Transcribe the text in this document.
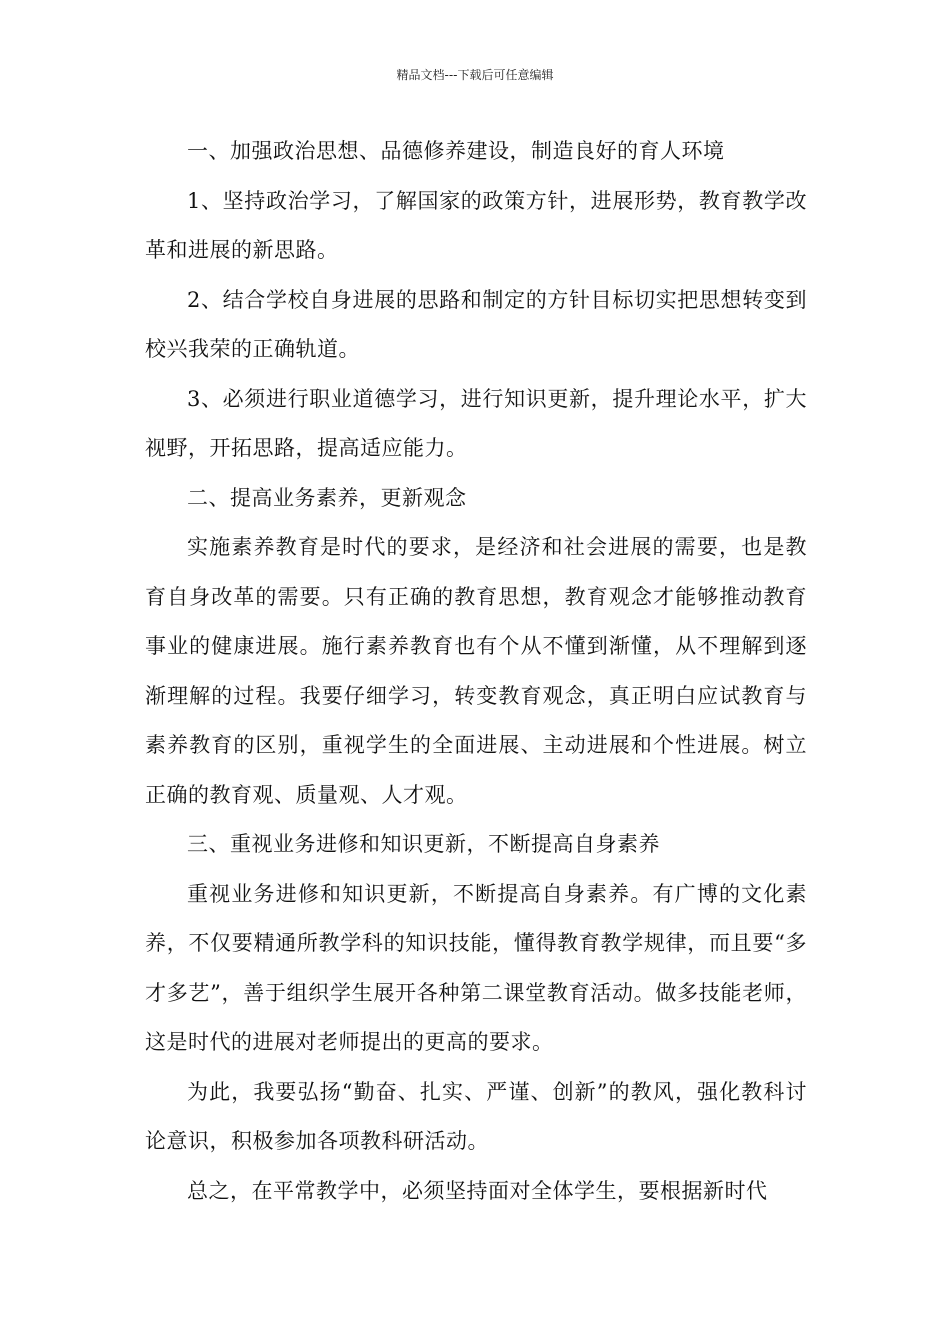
精品文档---下载后可任意编辑

一、加强政治思想、品德修养建设，制造良好的育人环境

1、坚持政治学习，了解国家的政策方针，进展形势，教育教学改革和进展的新思路。

2、结合学校自身进展的思路和制定的方针目标切实把思想转变到校兴我荣的正确轨道。

3、必须进行职业道德学习，进行知识更新，提升理论水平，扩大视野，开拓思路，提高适应能力。

二、提高业务素养，更新观念

实施素养教育是时代的要求，是经济和社会进展的需要，也是教育自身改革的需要。只有正确的教育思想，教育观念才能够推动教育事业的健康进展。施行素养教育也有个从不懂到渐懂，从不理解到逐渐理解的过程。我要仔细学习，转变教育观念，真正明白应试教育与素养教育的区别，重视学生的全面进展、主动进展和个性进展。树立正确的教育观、质量观、人才观。

三、重视业务进修和知识更新，不断提高自身素养

重视业务进修和知识更新，不断提高自身素养。有广博的文化素养，不仅要精通所教学科的知识技能，懂得教育教学规律，而且要“多才多艺”，善于组织学生展开各种第二课堂教育活动。做多技能老师，这是时代的进展对老师提出的更高的要求。

为此，我要弘扬“勤奋、扎实、严谨、创新”的教风，强化教科讨论意识，积极参加各项教科研活动。

总之，在平常教学中，必须坚持面对全体学生，要根据新时代
